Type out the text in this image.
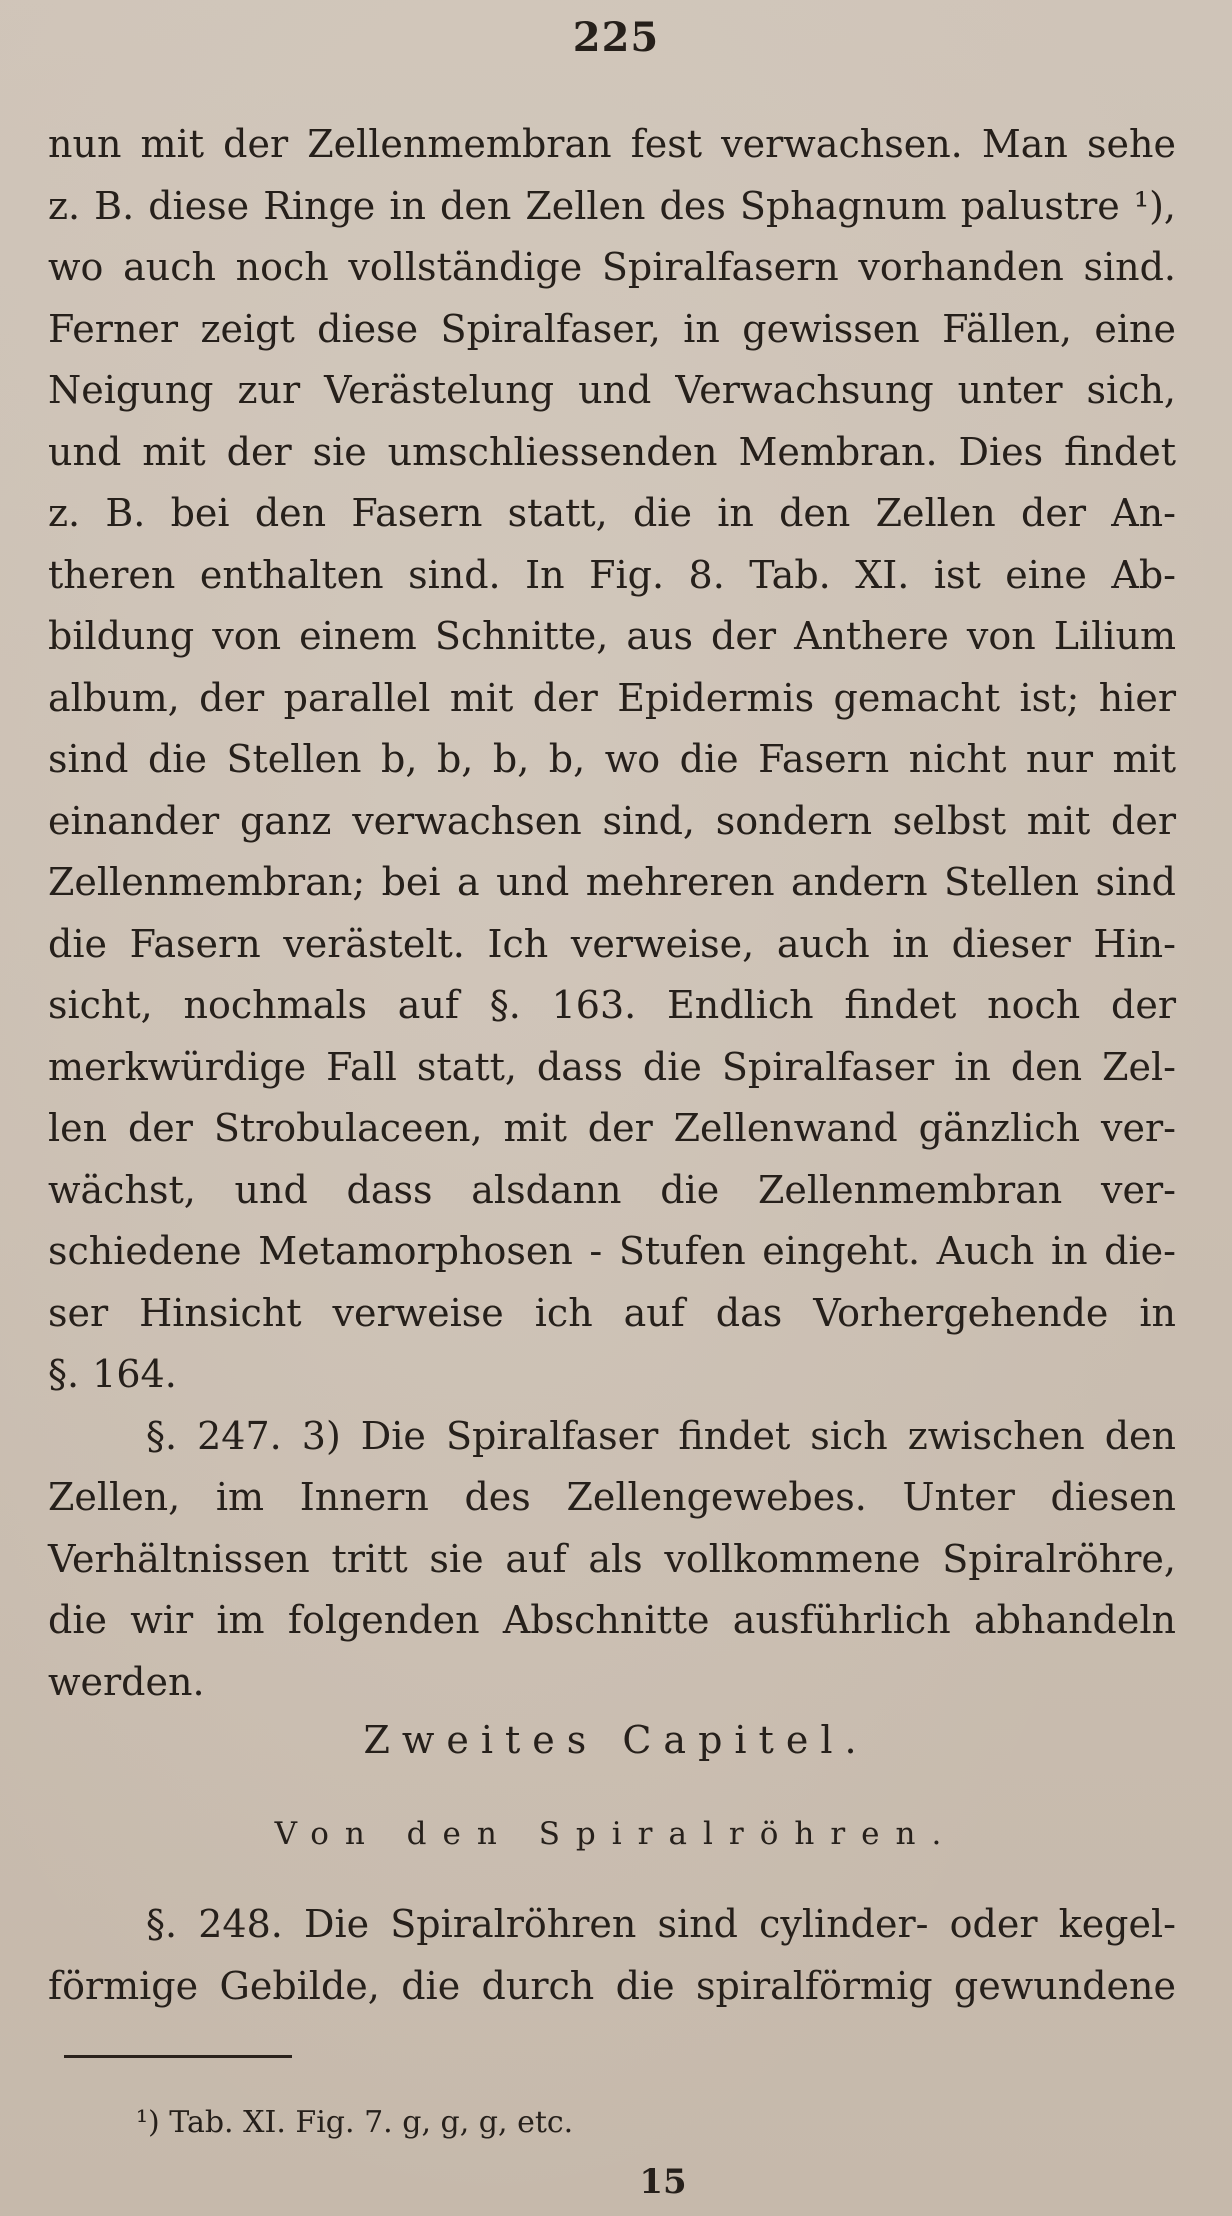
225
nun mit der Zellenmembran fest verwachsen. Man sehe
z. B. diese Ringe in den Zellen des Sphagnum palustre ¹),
wo auch noch vollständige Spiralfasern vorhanden sind.
Ferner zeigt diese Spiralfaser, in gewissen Fällen, eine
Neigung zur Verästelung und Verwachsung unter sich,
und mit der sie umschliessenden Membran. Dies findet
z. B. bei den Fasern statt, die in den Zellen der An-
theren enthalten sind. In Fig. 8. Tab. XI. ist eine Ab-
bildung von einem Schnitte, aus der Anthere von Lilium
album, der parallel mit der Epidermis gemacht ist; hier
sind die Stellen b, b, b, b, wo die Fasern nicht nur mit
einander ganz verwachsen sind, sondern selbst mit der
Zellenmembran; bei a und mehreren andern Stellen sind
die Fasern verästelt. Ich verweise, auch in dieser Hin-
sicht, nochmals auf §. 163. Endlich findet noch der
merkwürdige Fall statt, dass die Spiralfaser in den Zel-
len der Strobulaceen, mit der Zellenwand gänzlich ver-
wächst, und dass alsdann die Zellenmembran ver-
schiedene Metamorphosen - Stufen eingeht. Auch in die-
ser Hinsicht verweise ich auf das Vorhergehende in
§. 164.
§. 247. 3) Die Spiralfaser findet sich zwischen den
Zellen, im Innern des Zellengewebes. Unter diesen
Verhältnissen tritt sie auf als vollkommene Spiralröhre,
die wir im folgenden Abschnitte ausführlich abhandeln
werden.
Zweites Capitel.
Von den Spiralröhren.
§. 248. Die Spiralröhren sind cylinder- oder kegel-
förmige Gebilde, die durch die spiralförmig gewundene
¹) Tab. XI. Fig. 7. g, g, g, etc.
15
